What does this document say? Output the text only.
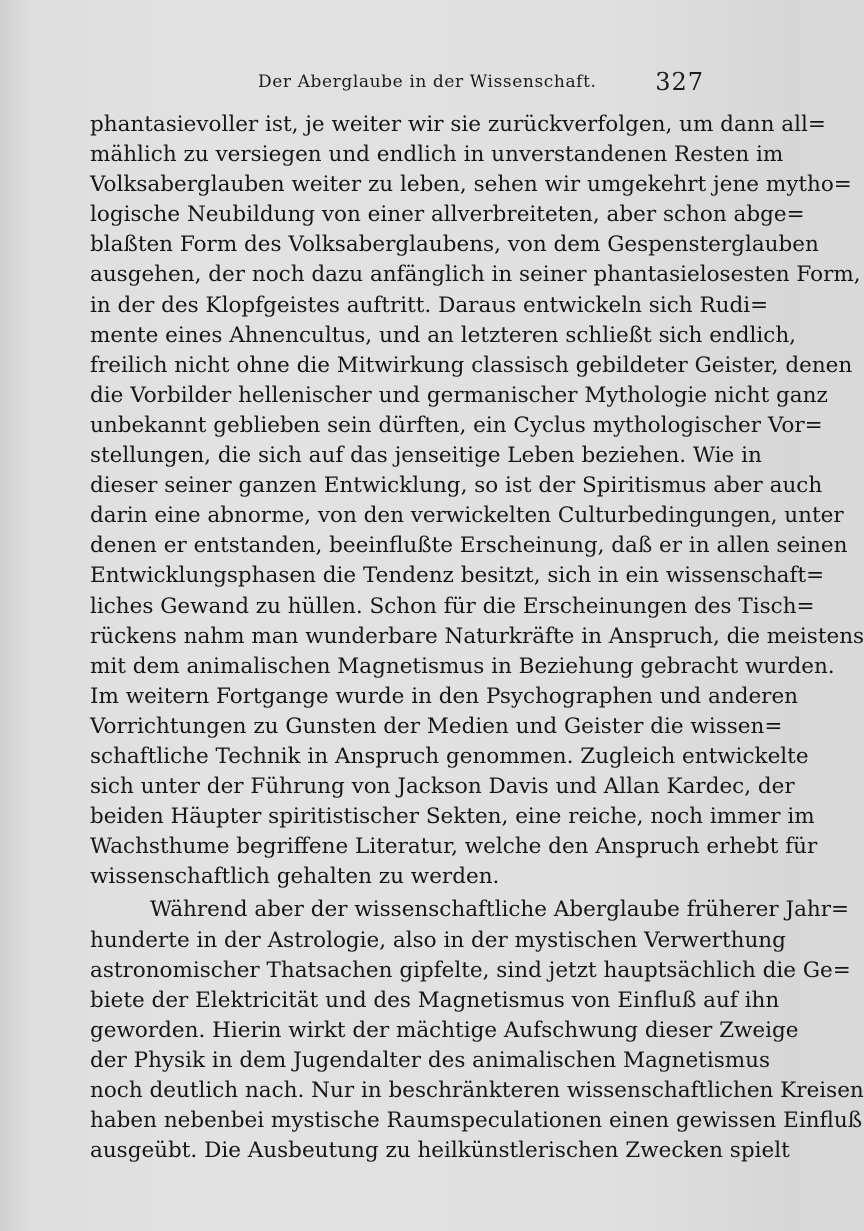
Der Aberglaube in der Wissenschaft. 327
phantasievoller ist, je weiter wir sie zurückverfolgen, um dann all=
mählich zu versiegen und endlich in unverstandenen Resten im
Volksaberglauben weiter zu leben, sehen wir umgekehrt jene mytho=
logische Neubildung von einer allverbreiteten, aber schon abge=
blaßten Form des Volksaberglaubens, von dem Gespensterglauben
ausgehen, der noch dazu anfänglich in seiner phantasielosesten Form,
in der des Klopfgeistes auftritt. Daraus entwickeln sich Rudi=
mente eines Ahnencultus, und an letzteren schließt sich endlich,
freilich nicht ohne die Mitwirkung classisch gebildeter Geister, denen
die Vorbilder hellenischer und germanischer Mythologie nicht ganz
unbekannt geblieben sein dürften, ein Cyclus mythologischer Vor=
stellungen, die sich auf das jenseitige Leben beziehen. Wie in
dieser seiner ganzen Entwicklung, so ist der Spiritismus aber auch
darin eine abnorme, von den verwickelten Culturbedingungen, unter
denen er entstanden, beeinflußte Erscheinung, daß er in allen seinen
Entwicklungsphasen die Tendenz besitzt, sich in ein wissenschaft=
liches Gewand zu hüllen. Schon für die Erscheinungen des Tisch=
rückens nahm man wunderbare Naturkräfte in Anspruch, die meistens
mit dem animalischen Magnetismus in Beziehung gebracht wurden.
Im weitern Fortgange wurde in den Psychographen und anderen
Vorrichtungen zu Gunsten der Medien und Geister die wissen=
schaftliche Technik in Anspruch genommen. Zugleich entwickelte
sich unter der Führung von Jackson Davis und Allan Kardec, der
beiden Häupter spiritistischer Sekten, eine reiche, noch immer im
Wachsthume begriffene Literatur, welche den Anspruch erhebt für
wissenschaftlich gehalten zu werden.
Während aber der wissenschaftliche Aberglaube früherer Jahr=
hunderte in der Astrologie, also in der mystischen Verwerthung
astronomischer Thatsachen gipfelte, sind jetzt hauptsächlich die Ge=
biete der Elektricität und des Magnetismus von Einfluß auf ihn
geworden. Hierin wirkt der mächtige Aufschwung dieser Zweige
der Physik in dem Jugendalter des animalischen Magnetismus
noch deutlich nach. Nur in beschränkteren wissenschaftlichen Kreisen
haben nebenbei mystische Raumspeculationen einen gewissen Einfluß
ausgeübt. Die Ausbeutung zu heilkünstlerischen Zwecken spielt
